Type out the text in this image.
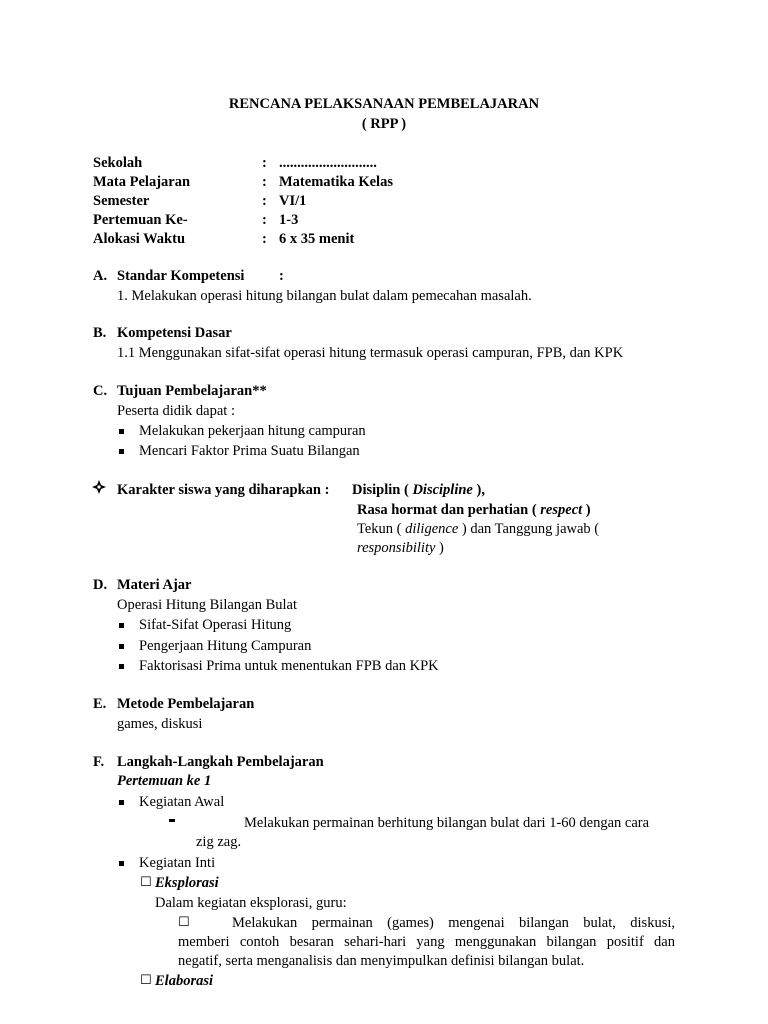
RENCANA PELAKSANAAN PEMBELAJARAN
( RPP )
Sekolah	: ...........................
Mata Pelajaran	: Matematika Kelas
Semester	: VI/1
Pertemuan Ke-	: 1-3
Alokasi Waktu	: 6 x 35 menit
A. Standar Kompetensi :
1. Melakukan operasi hitung bilangan bulat dalam pemecahan masalah.
B. Kompetensi Dasar
1.1 Menggunakan sifat-sifat operasi hitung termasuk operasi campuran, FPB, dan KPK
C. Tujuan Pembelajaran**
Peserta didik dapat :
Melakukan pekerjaan hitung campuran
Mencari Faktor Prima Suatu Bilangan
Karakter siswa yang diharapkan : Disiplin ( Discipline ),
Rasa hormat dan perhatian ( respect )
Tekun ( diligence ) dan Tanggung jawab (
responsibility )
D. Materi Ajar
Operasi Hitung Bilangan Bulat
Sifat-Sifat Operasi Hitung
Pengerjaan Hitung Campuran
Faktorisasi Prima untuk menentukan FPB dan KPK
E. Metode Pembelajaran
games, diskusi
F. Langkah-Langkah Pembelajaran
Pertemuan ke 1
Kegiatan Awal
Melakukan permainan berhitung bilangan bulat dari 1-60 dengan cara
zig zag.
Kegiatan Inti
☐ Eksplorasi
Dalam kegiatan eksplorasi, guru:
☐	Melakukan permainan (games) mengenai bilangan bulat, diskusi,
memberi contoh besaran sehari-hari yang menggunakan bilangan positif dan
negatif, serta menganalisis dan menyimpulkan definisi bilangan bulat.
☐ Elaborasi
